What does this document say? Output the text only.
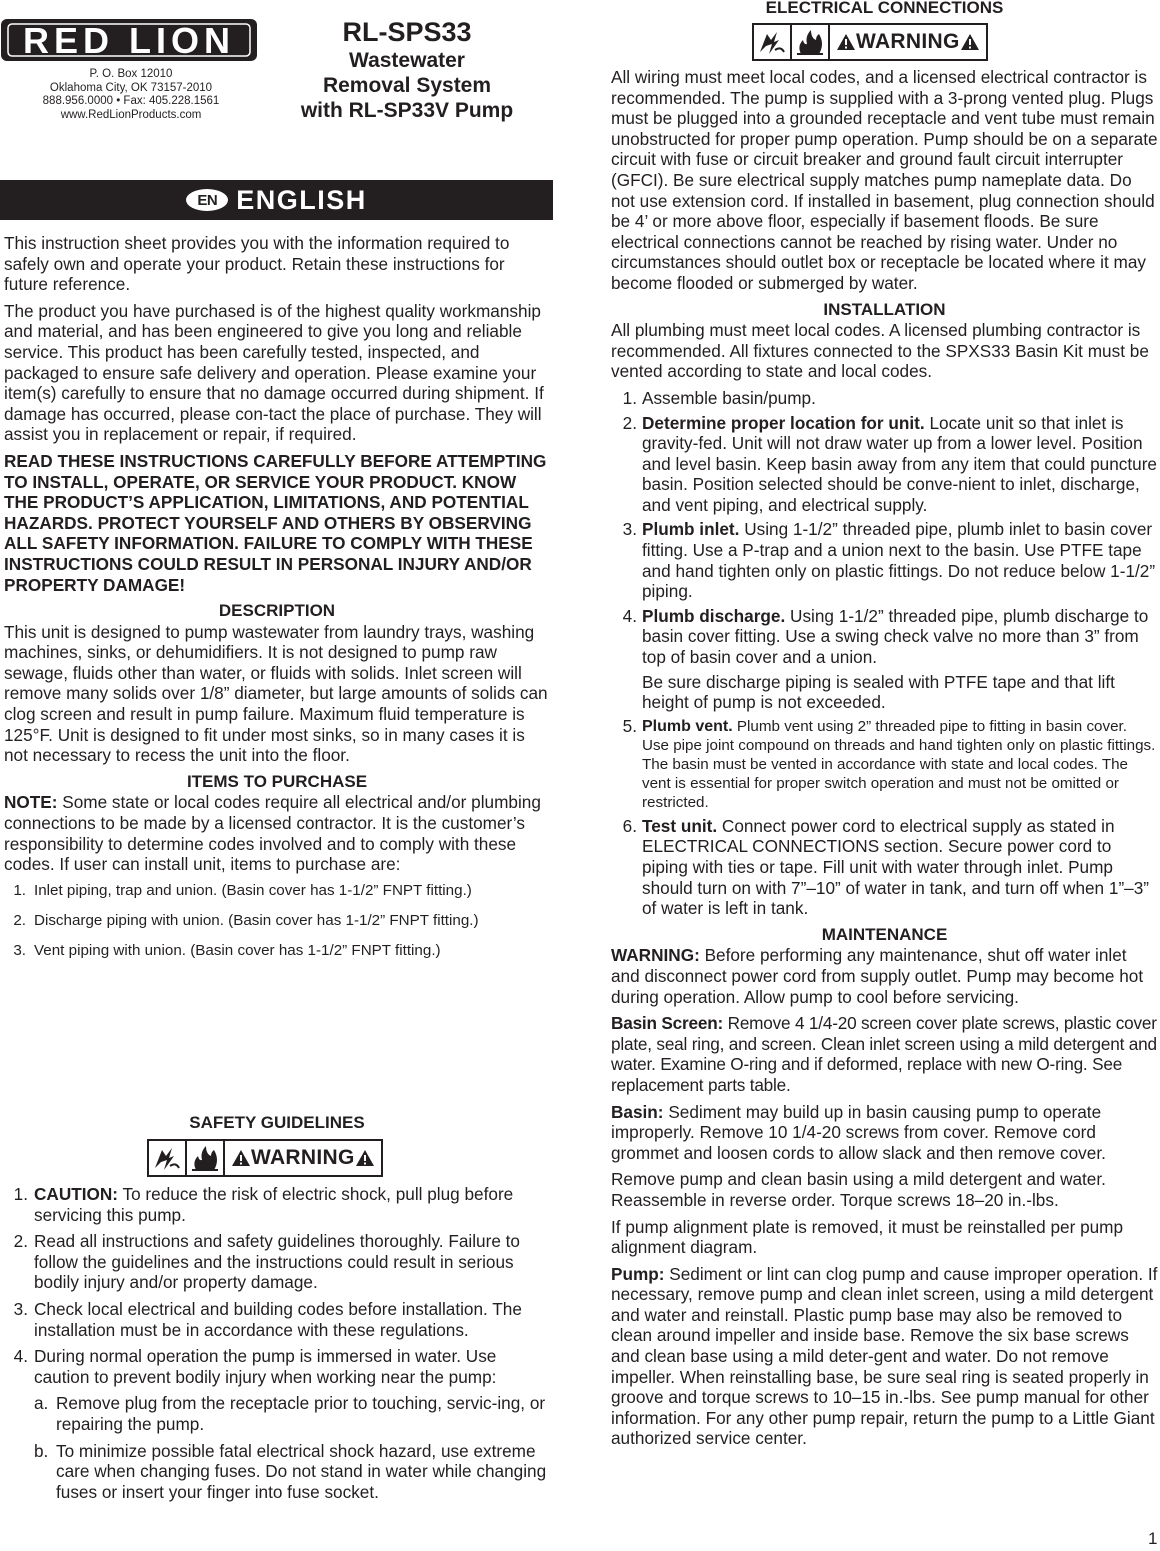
RED LION
P. O. Box 12010
Oklahoma City, OK 73157-2010
888.956.0000 • Fax: 405.228.1561
www.RedLionProducts.com
RL-SPS33
Wastewater
Removal System
with RL-SP33V Pump
EN ENGLISH

This instruction sheet provides you with the information required to safely own and operate your product. Retain these instructions for future reference.

The product you have purchased is of the highest quality workmanship and material, and has been engineered to give you long and reliable service. This product has been carefully tested, inspected, and packaged to ensure safe delivery and operation. Please examine your item(s) carefully to ensure that no damage occurred during shipment. If damage has occurred, please con-tact the place of purchase. They will assist you in replacement or repair, if required.

READ THESE INSTRUCTIONS CAREFULLY BEFORE ATTEMPTING TO INSTALL, OPERATE, OR SERVICE YOUR PRODUCT. KNOW THE PRODUCT’S APPLICATION, LIMITATIONS, AND POTENTIAL HAZARDS. PROTECT YOURSELF AND OTHERS BY OBSERVING ALL SAFETY INFORMATION. FAILURE TO COMPLY WITH THESE INSTRUCTIONS COULD RESULT IN PERSONAL INJURY AND/OR PROPERTY DAMAGE!

DESCRIPTION

This unit is designed to pump wastewater from laundry trays, washing machines, sinks, or dehumidifiers. It is not designed to pump raw sewage, fluids other than water, or fluids with solids. Inlet screen will remove many solids over 1/8” diameter, but large amounts of solids can clog screen and result in pump failure. Maximum fluid temperature is 125°F. Unit is designed to fit under most sinks, so in many cases it is not necessary to recess the unit into the floor.

ITEMS TO PURCHASE

NOTE: Some state or local codes require all electrical and/or plumbing connections to be made by a licensed contractor. It is the customer’s responsibility to determine codes involved and to comply with these codes. If user can install unit, items to purchase are:

1. Inlet piping, trap and union. (Basin cover has 1-1/2” FNPT fitting.)
2. Discharge piping with union. (Basin cover has 1-1/2” FNPT fitting.)
3. Vent piping with union. (Basin cover has 1-1/2” FNPT fitting.)

SAFETY GUIDELINES

WARNING
1. CAUTION: To reduce the risk of electric shock, pull plug before servicing this pump.
2. Read all instructions and safety guidelines thoroughly. Failure to follow the guidelines and the instructions could result in serious bodily injury and/or property damage.
3. Check local electrical and building codes before installation. The installation must be in accordance with these regulations.
4. During normal operation the pump is immersed in water. Use caution to prevent bodily injury when working near the pump:
a. Remove plug from the receptacle prior to touching, servic-ing, or repairing the pump.
b. To minimize possible fatal electrical shock hazard, use extreme care when changing fuses. Do not stand in water while changing fuses or insert your finger into fuse socket.

ELECTRICAL CONNECTIONS

WARNING

All wiring must meet local codes, and a licensed electrical contractor is recommended. The pump is supplied with a 3-prong vented plug. Plugs must be plugged into a grounded receptacle and vent tube must remain unobstructed for proper pump operation. Pump should be on a separate circuit with fuse or circuit breaker and ground fault circuit interrupter (GFCI). Be sure electrical supply matches pump nameplate data. Do not use extension cord. If installed in basement, plug connection should be 4’ or more above floor, especially if basement floods. Be sure electrical connections cannot be reached by rising water. Under no circumstances should outlet box or receptacle be located where it may become flooded or submerged by water.

INSTALLATION

All plumbing must meet local codes. A licensed plumbing contractor is recommended. All fixtures connected to the SPXS33 Basin Kit must be vented according to state and local codes.

1. Assemble basin/pump.
2. Determine proper location for unit. Locate unit so that inlet is gravity-fed. Unit will not draw water up from a lower level. Position and level basin. Keep basin away from any item that could puncture basin. Position selected should be conve-nient to inlet, discharge, and vent piping, and electrical supply.
3. Plumb inlet. Using 1-1/2” threaded pipe, plumb inlet to basin cover fitting. Use a P-trap and a union next to the basin. Use PTFE tape and hand tighten only on plastic fittings. Do not reduce below 1-1/2” piping.
4. Plumb discharge. Using 1-1/2” threaded pipe, plumb discharge to basin cover fitting. Use a swing check valve no more than 3” from top of basin cover and a union.
Be sure discharge piping is sealed with PTFE tape and that lift height of pump is not exceeded.
5. Plumb vent. Plumb vent using 2” threaded pipe to fitting in basin cover. Use pipe joint compound on threads and hand tighten only on plastic fittings. The basin must be vented in accordance with state and local codes. The vent is essential for proper switch operation and must not be omitted or restricted.
6. Test unit. Connect power cord to electrical supply as stated in ELECTRICAL CONNECTIONS section. Secure power cord to piping with ties or tape. Fill unit with water through inlet. Pump should turn on with 7”–10” of water in tank, and turn off when 1”–3” of water is left in tank.

MAINTENANCE

WARNING: Before performing any maintenance, shut off water inlet and disconnect power cord from supply outlet. Pump may become hot during operation. Allow pump to cool before servicing.

Basin Screen: Remove 4 1/4-20 screen cover plate screws, plastic cover plate, seal ring, and screen. Clean inlet screen using a mild detergent and water. Examine O-ring and if deformed, replace with new O-ring. See replacement parts table.

Basin: Sediment may build up in basin causing pump to operate improperly. Remove 10 1/4-20 screws from cover. Remove cord grommet and loosen cords to allow slack and then remove cover.

Remove pump and clean basin using a mild detergent and water. Reassemble in reverse order. Torque screws 18–20 in.-lbs.

If pump alignment plate is removed, it must be reinstalled per pump alignment diagram.

Pump: Sediment or lint can clog pump and cause improper operation. If necessary, remove pump and clean inlet screen, using a mild detergent and water and reinstall. Plastic pump base may also be removed to clean around impeller and inside base. Remove the six base screws and clean base using a mild deter-gent and water. Do not remove impeller. When reinstalling base, be sure seal ring is seated properly in groove and torque screws to 10–15 in.-lbs. See pump manual for other information. For any other pump repair, return the pump to a Little Giant authorized service center.

1
